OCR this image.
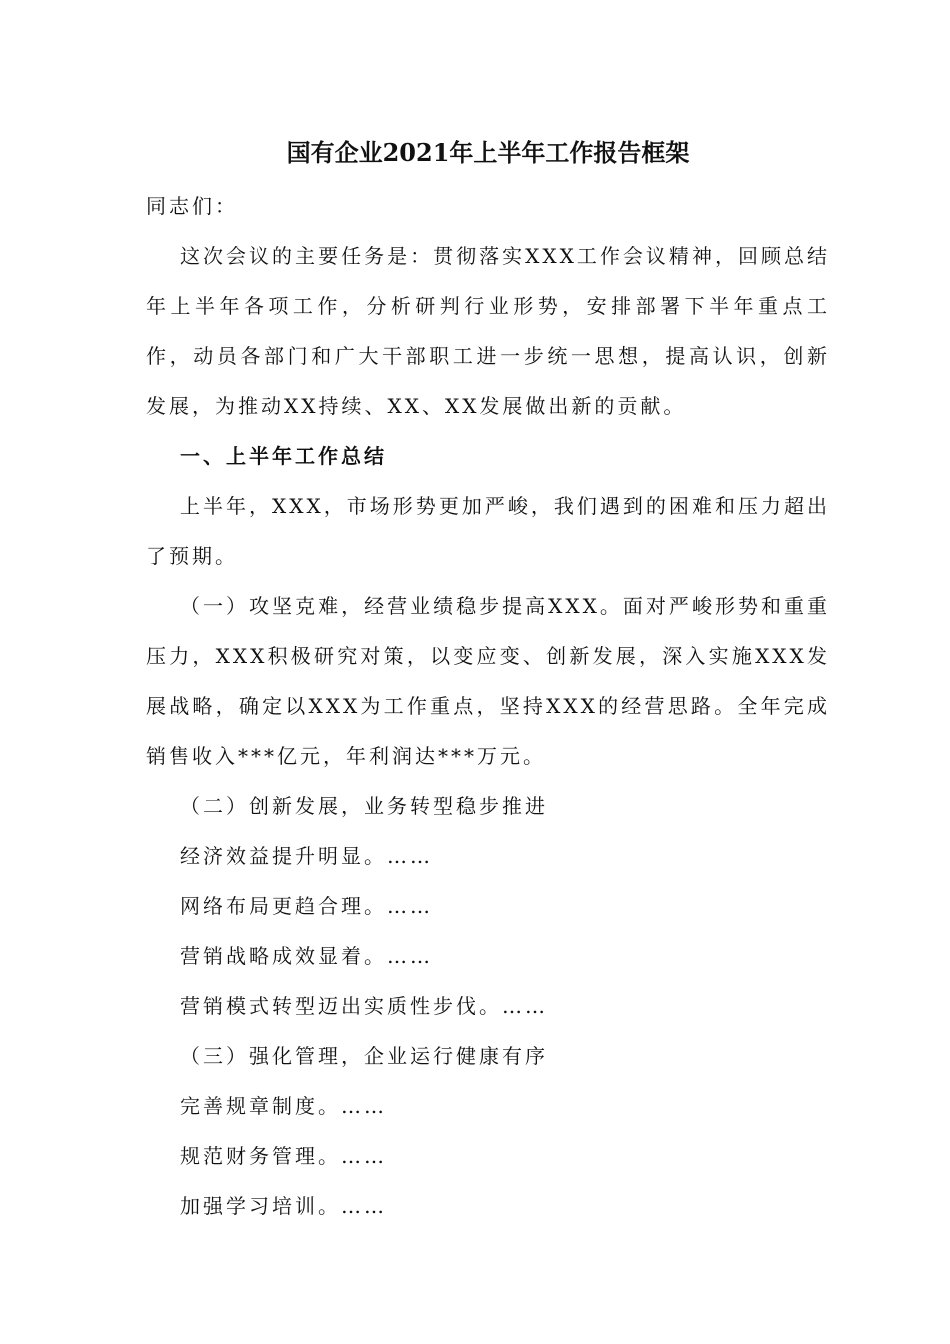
国有企业2021年上半年工作报告框架

同志们：

这次会议的主要任务是：贯彻落实XXX工作会议精神，回顾总结年上半年各项工作，分析研判行业形势，安排部署下半年重点工作，动员各部门和广大干部职工进一步统一思想，提高认识，创新发展，为推动XX持续、XX、XX发展做出新的贡献。

一、上半年工作总结

上半年，XXX，市场形势更加严峻，我们遇到的困难和压力超出了预期。

（一）攻坚克难，经营业绩稳步提高XXX。面对严峻形势和重重压力，XXX积极研究对策，以变应变、创新发展，深入实施XXX发展战略，确定以XXX为工作重点，坚持XXX的经营思路。全年完成销售收入***亿元，年利润达***万元。

（二）创新发展，业务转型稳步推进

经济效益提升明显。……

网络布局更趋合理。……

营销战略成效显着。……

营销模式转型迈出实质性步伐。……

（三）强化管理，企业运行健康有序

完善规章制度。……

规范财务管理。……

加强学习培训。……
